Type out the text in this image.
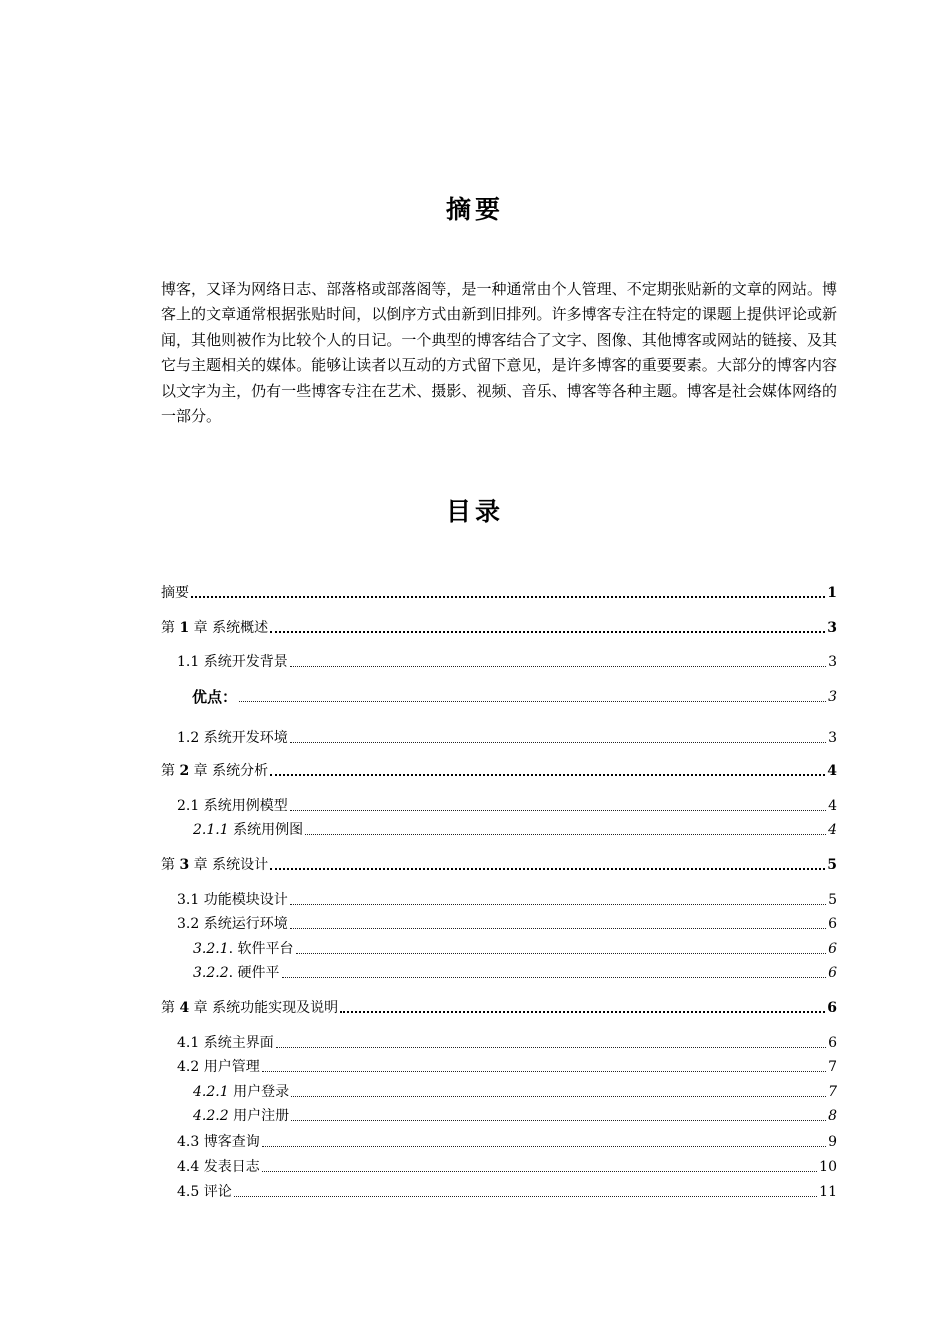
摘要
博客，又译为网络日志、部落格或部落阁等，是一种通常由个人管理、不定期张贴新的文章的网站。博客上的文章通常根据张贴时间，以倒序方式由新到旧排列。许多博客专注在特定的课题上提供评论或新闻，其他则被作为比较个人的日记。一个典型的博客结合了文字、图像、其他博客或网站的链接、及其它与主题相关的媒体。能够让读者以互动的方式留下意见，是许多博客的重要要素。大部分的博客内容以文字为主，仍有一些博客专注在艺术、摄影、视频、音乐、博客等各种主题。博客是社会媒体网络的一部分。
目录
摘要	1
第 1 章 系统概述	3
1.1 系统开发背景	3
优点：	3
1.2 系统开发环境	3
第 2 章 系统分析	4
2.1 系统用例模型	4
2.1.1 系统用例图	4
第 3 章 系统设计	5
3.1 功能模块设计	5
3.2 系统运行环境	6
3.2.1. 软件平台	6
3.2.2. 硬件平	6
第 4 章 系统功能实现及说明	6
4.1 系统主界面	6
4.2 用户管理	7
4.2.1 用户登录	7
4.2.2 用户注册	8
4.3 博客查询	9
4.4 发表日志	10
4.5 评论	11
